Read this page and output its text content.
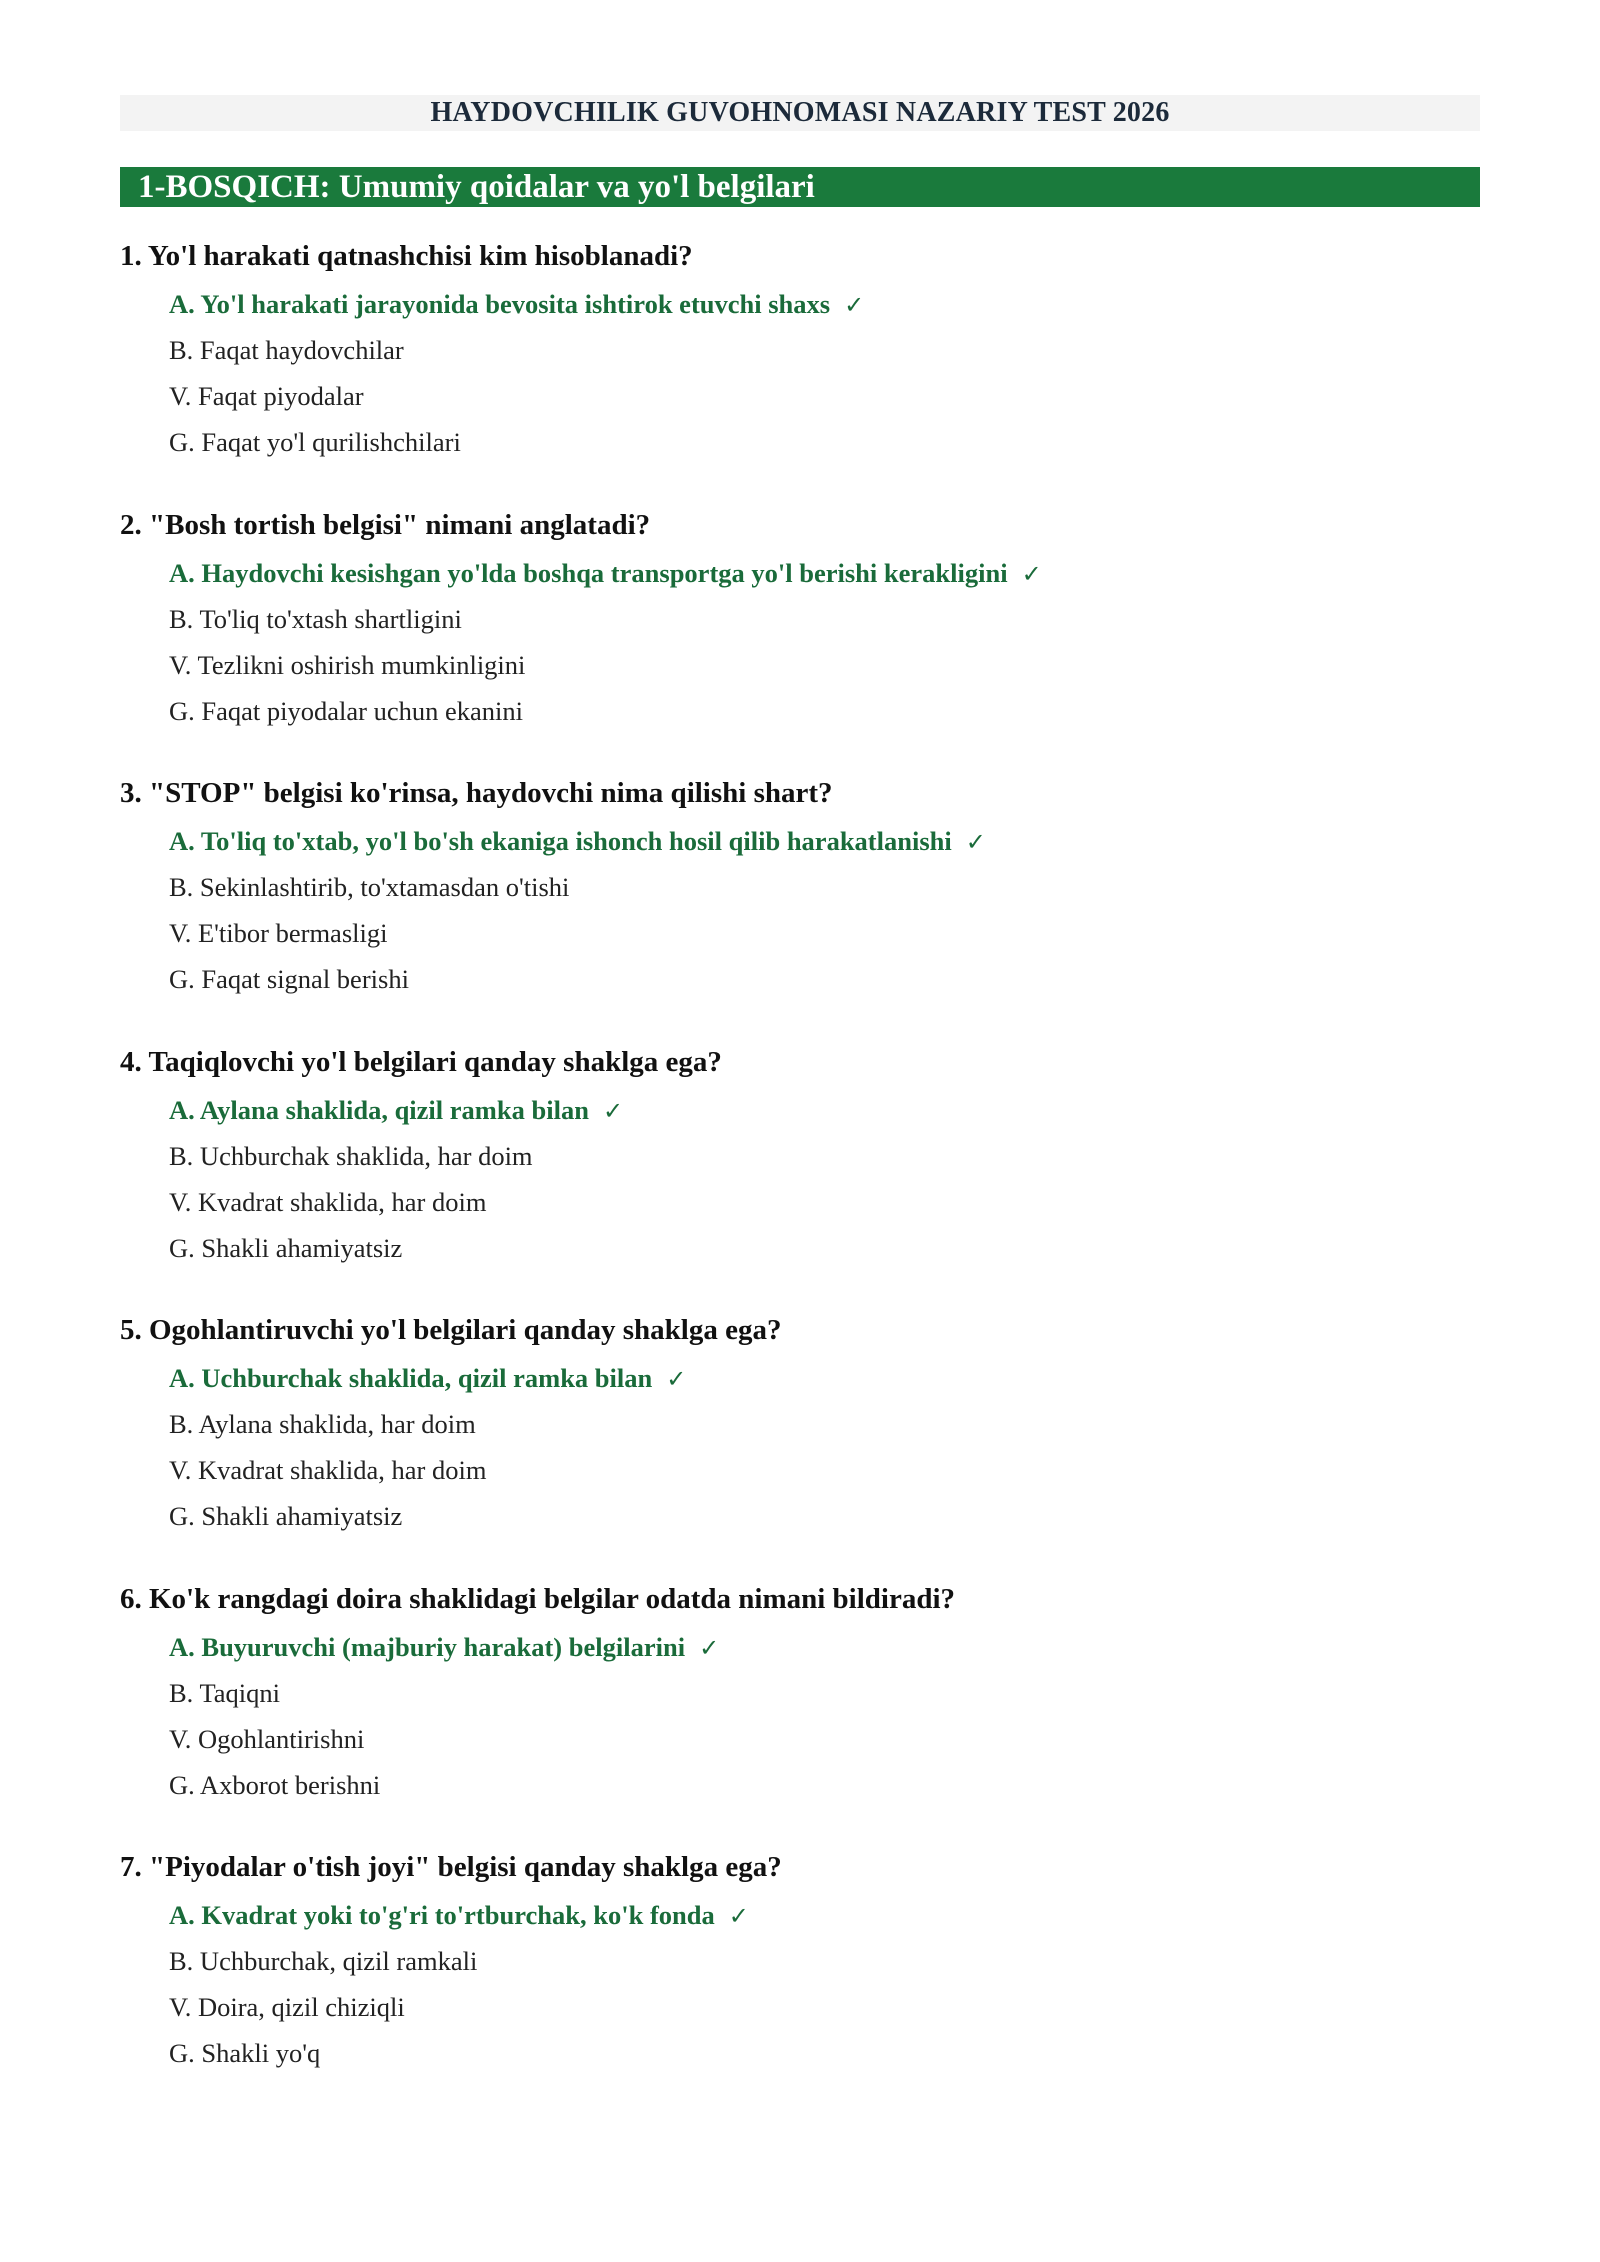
HAYDOVCHILIK GUVOHNOMASI NAZARIY TEST 2026
1-BOSQICH: Umumiy qoidalar va yo'l belgilari
1. Yo'l harakati qatnashchisi kim hisoblanadi?
A. Yo'l harakati jarayonida bevosita ishtirok etuvchi shaxs ✓
B. Faqat haydovchilar
V. Faqat piyodalar
G. Faqat yo'l qurilishchilari
2. "Bosh tortish belgisi" nimani anglatadi?
A. Haydovchi kesishgan yo'lda boshqa transportga yo'l berishi kerakligini ✓
B. To'liq to'xtash shartligini
V. Tezlikni oshirish mumkinligini
G. Faqat piyodalar uchun ekanini
3. "STOP" belgisi ko'rinsa, haydovchi nima qilishi shart?
A. To'liq to'xtab, yo'l bo'sh ekaniga ishonch hosil qilib harakatlanishi ✓
B. Sekinlashtirib, to'xtamasdan o'tishi
V. E'tibor bermasligi
G. Faqat signal berishi
4. Taqiqlovchi yo'l belgilari qanday shaklga ega?
A. Aylana shaklida, qizil ramka bilan ✓
B. Uchburchak shaklida, har doim
V. Kvadrat shaklida, har doim
G. Shakli ahamiyatsiz
5. Ogohlantiruvchi yo'l belgilari qanday shaklga ega?
A. Uchburchak shaklida, qizil ramka bilan ✓
B. Aylana shaklida, har doim
V. Kvadrat shaklida, har doim
G. Shakli ahamiyatsiz
6. Ko'k rangdagi doira shaklidagi belgilar odatda nimani bildiradi?
A. Buyuruvchi (majburiy harakat) belgilarini ✓
B. Taqiqni
V. Ogohlantirishni
G. Axborot berishni
7. "Piyodalar o'tish joyi" belgisi qanday shaklga ega?
A. Kvadrat yoki to'g'ri to'rtburchak, ko'k fonda ✓
B. Uchburchak, qizil ramkali
V. Doira, qizil chiziqli
G. Shakli yo'q
